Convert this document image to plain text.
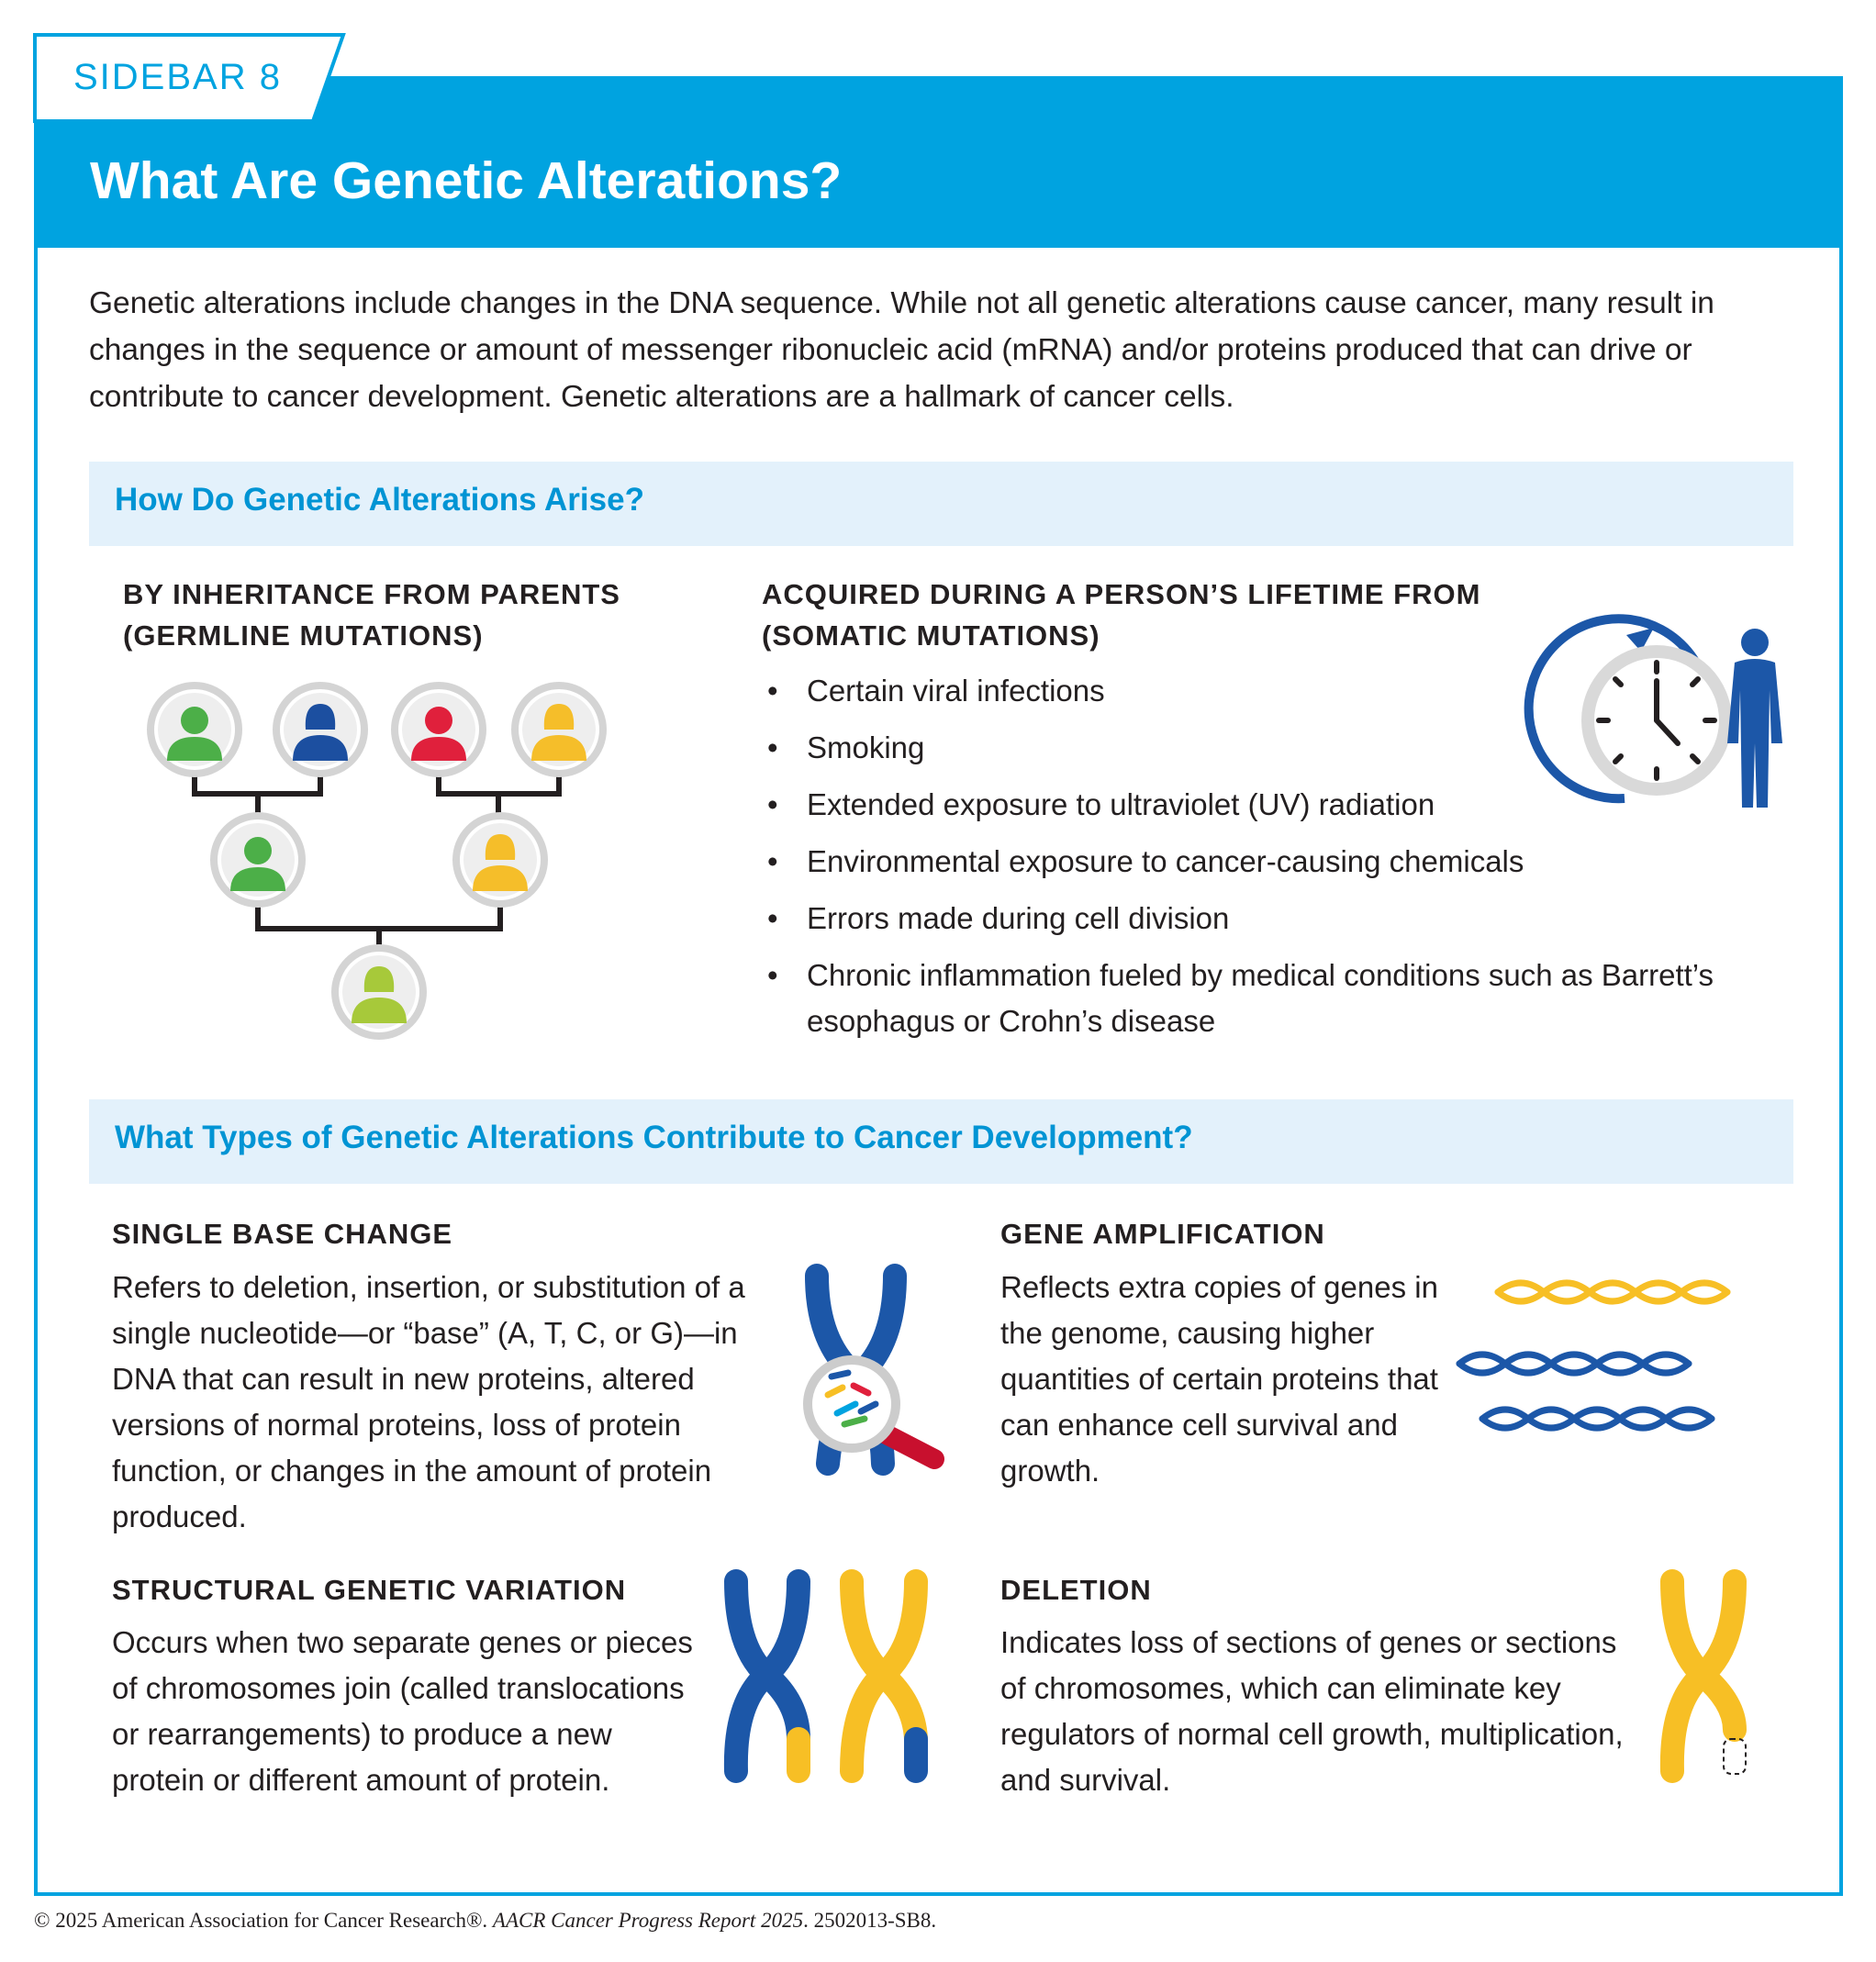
SIDEBAR 8
What Are Genetic Alterations?
Genetic alterations include changes in the DNA sequence. While not all genetic alterations cause cancer, many result in changes in the sequence or amount of messenger ribonucleic acid (mRNA) and/or proteins produced that can drive or contribute to cancer development. Genetic alterations are a hallmark of cancer cells.
How Do Genetic Alterations Arise?
BY INHERITANCE FROM PARENTS
(GERMLINE MUTATIONS)
ACQUIRED DURING A PERSON’S LIFETIME FROM
(SOMATIC MUTATIONS)
• Certain viral infections
• Smoking
• Extended exposure to ultraviolet (UV) radiation
• Environmental exposure to cancer-causing chemicals
• Errors made during cell division
• Chronic inflammation fueled by medical conditions such as Barrett’s esophagus or Crohn’s disease
What Types of Genetic Alterations Contribute to Cancer Development?
SINGLE BASE CHANGE
Refers to deletion, insertion, or substitution of a single nucleotide—or “base” (A, T, C, or G)—in DNA that can result in new proteins, altered versions of normal proteins, loss of protein function, or changes in the amount of protein produced.
GENE AMPLIFICATION
Reflects extra copies of genes in the genome, causing higher quantities of certain proteins that can enhance cell survival and growth.
STRUCTURAL GENETIC VARIATION
Occurs when two separate genes or pieces of chromosomes join (called translocations or rearrangements) to produce a new protein or different amount of protein.
DELETION
Indicates loss of sections of genes or sections of chromosomes, which can eliminate key regulators of normal cell growth, multiplication, and survival.
© 2025 American Association for Cancer Research®. AACR Cancer Progress Report 2025. 2502013-SB8.
